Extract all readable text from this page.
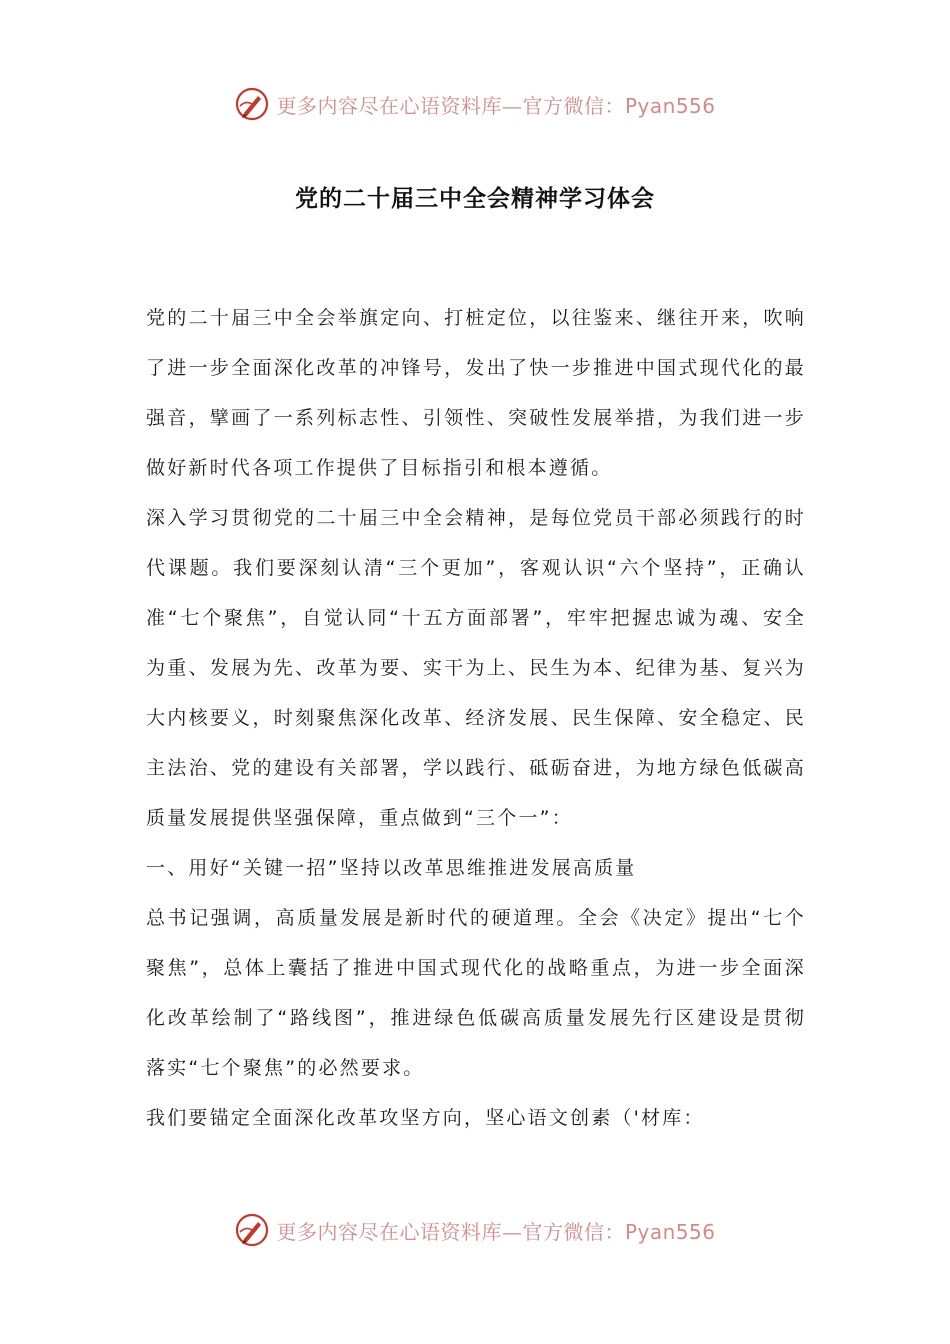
更多内容尽在心语资料库—官方微信：Pyan556
党的二十届三中全会精神学习体会

党的二十届三中全会举旗定向、打桩定位，以往鉴来、继往开来，吹响了进一步全面深化改革的冲锋号，发出了快一步推进中国式现代化的最强音，擘画了一系列标志性、引领性、突破性发展举措，为我们进一步做好新时代各项工作提供了目标指引和根本遵循。

深入学习贯彻党的二十届三中全会精神，是每位党员干部必须践行的时代课题。我们要深刻认清“三个更加”，客观认识“六个坚持”，正确认准“七个聚焦”，自觉认同“十五方面部署”，牢牢把握忠诚为魂、安全为重、发展为先、改革为要、实干为上、民生为本、纪律为基、复兴为大内核要义，时刻聚焦深化改革、经济发展、民生保障、安全稳定、民主法治、党的建设有关部署，学以践行、砥砺奋进，为地方绿色低碳高质量发展提供坚强保障，重点做到“三个一”：

一、用好“关键一招”坚持以改革思维推进发展高质量

总书记强调，高质量发展是新时代的硬道理。全会《决定》提出“七个聚焦”，总体上囊括了推进中国式现代化的战略重点，为进一步全面深化改革绘制了“路线图”，推进绿色低碳高质量发展先行区建设是贯彻落实“七个聚焦”的必然要求。

我们要锚定全面深化改革攻坚方向，坚心语文创素（'材库：

更多内容尽在心语资料库—官方微信：Pyan556
